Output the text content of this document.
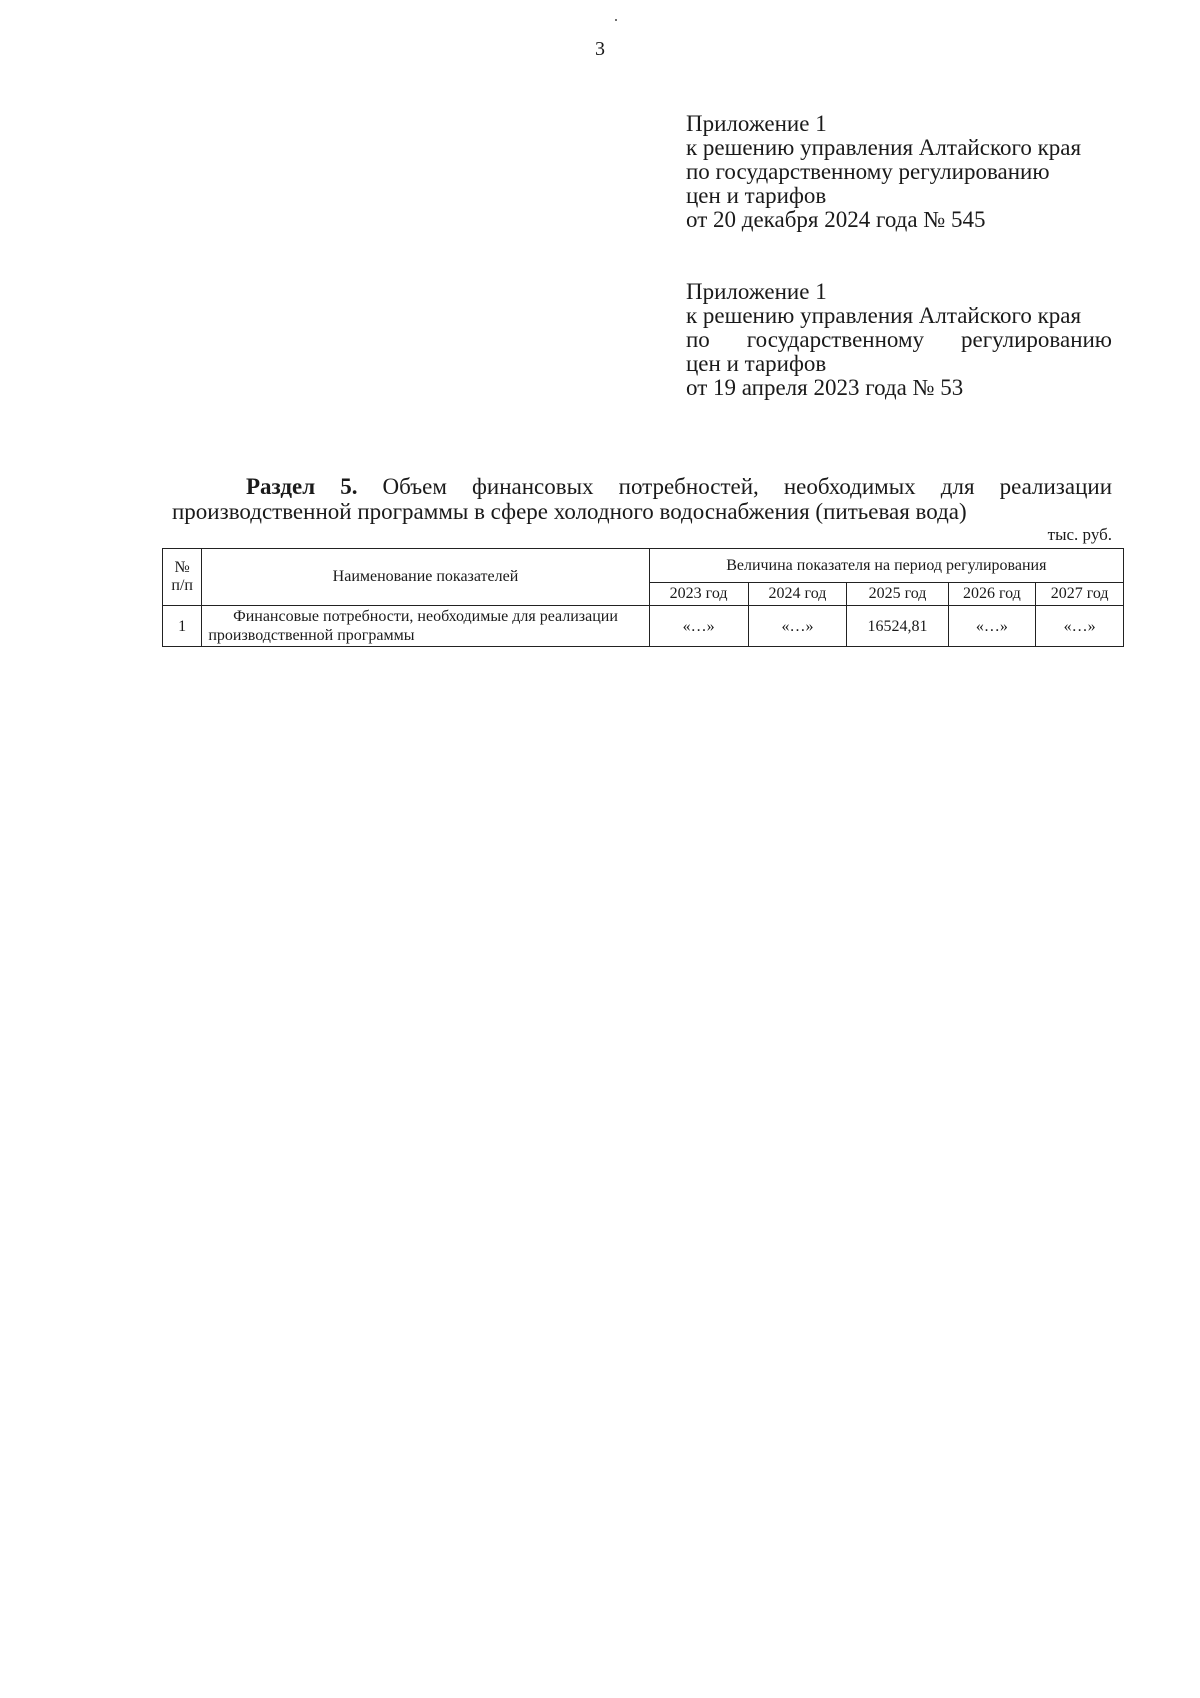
3
Приложение 1
к решению управления Алтайского края
по государственному регулированию
цен и тарифов
от 20 декабря 2024 года № 545
Приложение 1
к решению управления Алтайского края
по государственному регулированию
цен и тарифов
от 19 апреля 2023 года № 53
Раздел 5. Объем финансовых потребностей, необходимых для реализации
производственной программы в сфере холодного водоснабжения (питьевая вода)
тыс. руб.
№ п/п	Наименование показателей	Величина показателя на период регулирования				
		2023 год	2024 год	2025 год	2026 год	2027 год
1	Финансовые потребности, необходимые для реализации производственной программы	«…»	«…»	16524,81	«…»	«…»
